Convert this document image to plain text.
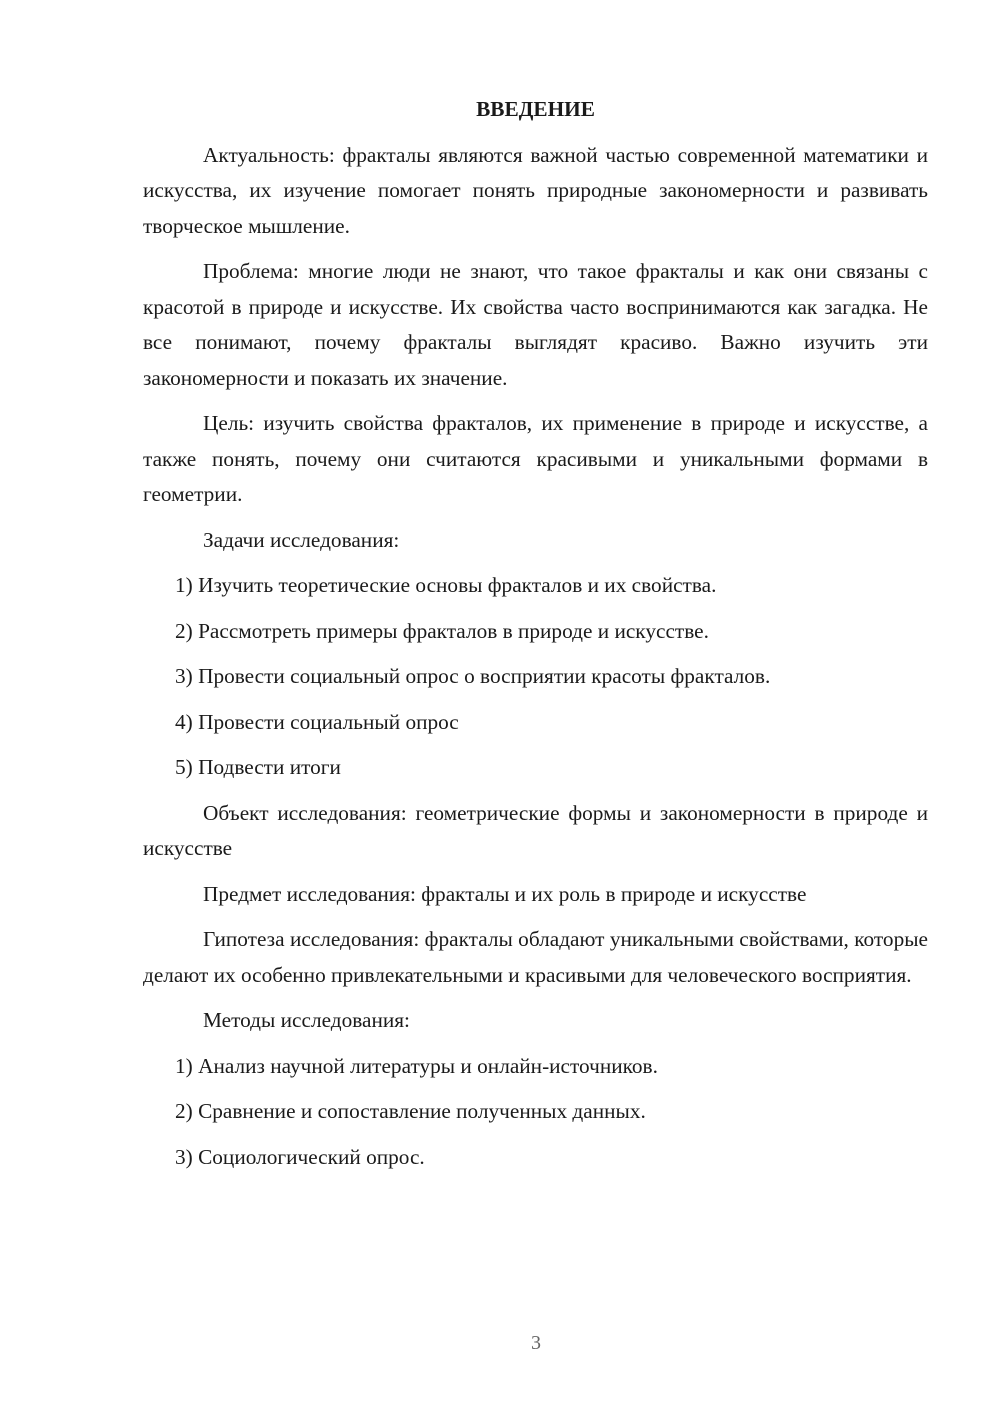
ВВЕДЕНИЕ

Актуальность: фракталы являются важной частью современной математики и искусства, их изучение помогает понять природные закономерности и развивать творческое мышление.

Проблема: многие люди не знают, что такое фракталы и как они связаны с красотой в природе и искусстве. Их свойства часто воспринимаются как загадка. Не все понимают, почему фракталы выглядят красиво. Важно изучить эти закономерности и показать их значение.

Цель: изучить свойства фракталов, их применение в природе и искусстве, а также понять, почему они считаются красивыми и уникальными формами в геометрии.

Задачи исследования:

1) Изучить теоретические основы фракталов и их свойства.

2) Рассмотреть примеры фракталов в природе и искусстве.

3) Провести социальный опрос о восприятии красоты фракталов.

4) Провести социальный опрос

5) Подвести итоги

Объект исследования: геометрические формы и закономерности в природе и искусстве

Предмет исследования: фракталы и их роль в природе и искусстве

Гипотеза исследования: фракталы обладают уникальными свойствами, которые делают их особенно привлекательными и красивыми для человеческого восприятия.

Методы исследования:

1) Анализ научной литературы и онлайн-источников.

2) Сравнение и сопоставление полученных данных.

3) Социологический опрос.

3
